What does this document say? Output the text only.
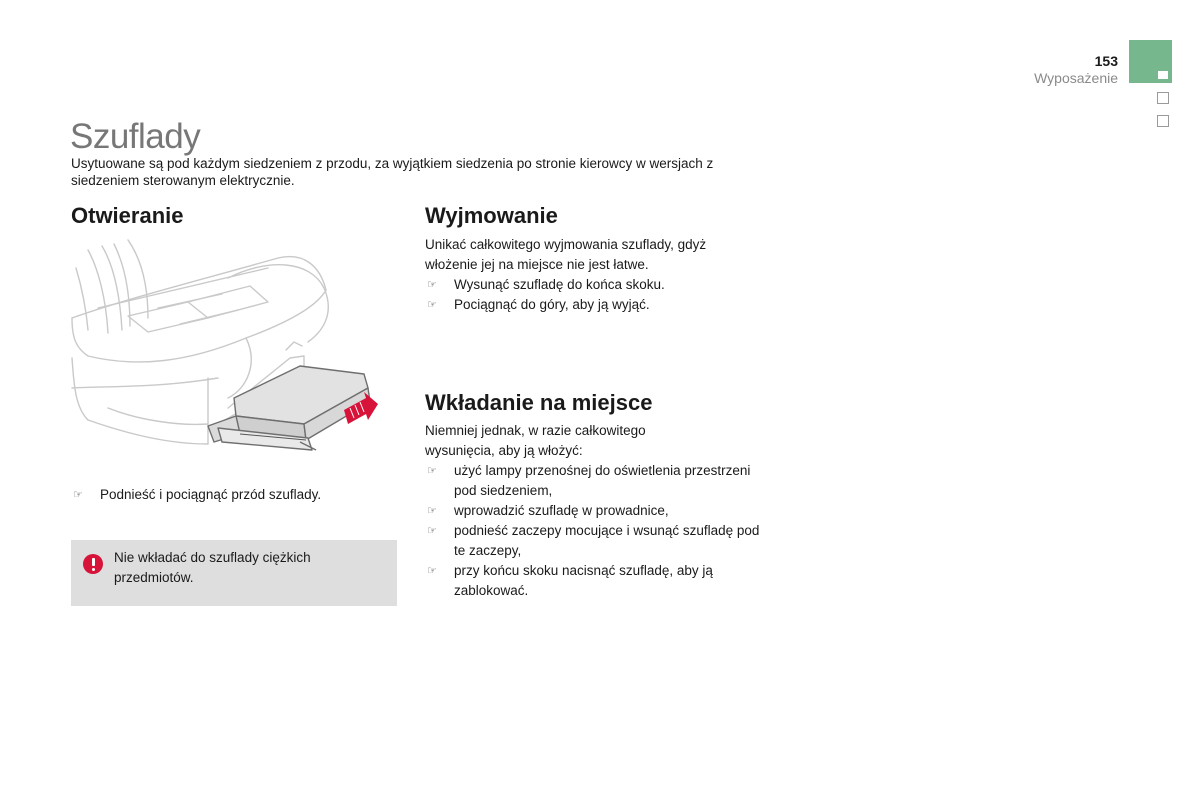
153
Wyposażenie
Szuflady
Usytuowane są pod każdym siedzeniem z przodu, za wyjątkiem siedzenia po stronie kierowcy w wersjach z siedzeniem sterowanym elektrycznie.
Otwieranie	Wyjmowanie
Wkładanie na miejsce
☞ Podnieść i pociągnąć przód szuflady.
Nie wkładać do szuflady ciężkich przedmiotów.
Unikać całkowitego wyjmowania szuflady, gdyż włożenie jej na miejsce nie jest łatwe.
☞ Wysunąć szufladę do końca skoku.
☞ Pociągnąć do góry, aby ją wyjąć.
Niemniej jednak, w razie całkowitego wysunięcia, aby ją włożyć:
☞ użyć lampy przenośnej do oświetlenia przestrzeni pod siedzeniem,
☞ wprowadzić szufladę w prowadnice,
☞ podnieść zaczepy mocujące i wsunąć szufladę pod te zaczepy,
☞ przy końcu skoku nacisnąć szufladę, aby ją zablokować.
